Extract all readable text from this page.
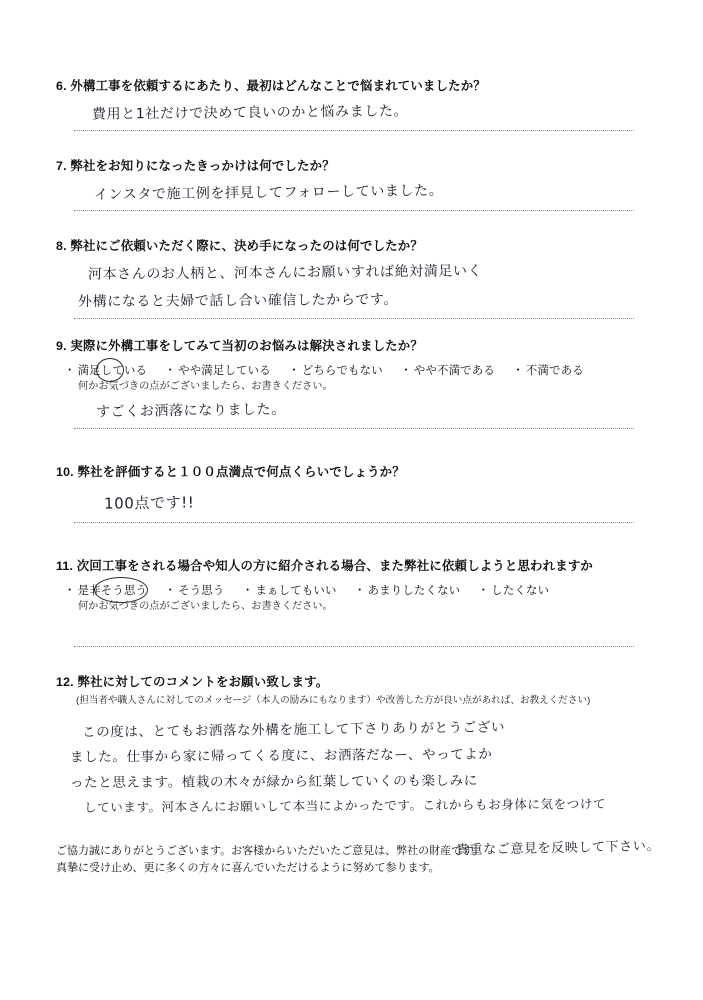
6. 外構工事を依頼するにあたり、最初はどんなことで悩まれていましたか？

費用と1社だけで決めて良いのかと悩みました。

7. 弊社をお知りになったきっかけは何でしたか？

インスタで施工例を拝見してフォローしていました。

8. 弊社にご依頼いただく際に、決め手になったのは何でしたか？

河本さんのお人柄と、河本さんにお願いすれば絶対満足いく
外構になると夫婦で話し合い確信したからです。

9. 実際に外構工事をしてみて当初のお悩みは解決されましたか？

・ 満足している ・ やや満足している ・ どちらでもない ・ やや不満である ・ 不満である
何かお気づきの点がございましたら、お書きください。
すごくお洒落になりました。

10. 弊社を評価すると１００点満点で何点くらいでしょうか？

100点です!!

11. 次回工事をされる場合や知人の方に紹介される場合、また弊社に依頼しようと思われますか

・ 是非そう思う ・ そう思う ・ まぁしてもいい ・ あまりしたくない ・ したくない
何かお気づきの点がございましたら、お書きください。

12. 弊社に対してのコメントをお願い致します。

(担当者や職人さんに対してのメッセージ（本人の励みにもなります）や改善した方が良い点があれば、お教えください)
この度は、とてもお洒落な外構を施工して下さりありがとうござい
ました。仕事から家に帰ってくる度に、お洒落だなー、やってよか
ったと思えます。植栽の木々が緑から紅葉していくのも楽しみに
しています。河本さんにお願いして本当によかったです。これからもお身体に気をつけて
ご協力誠にありがとうございます。お客様からいただいたご意見は、弊社の財産です。
真摯に受け止め、更に多くの方々に喜んでいただけるように努めて参ります。
貴重なご意見を反映して下さい。
